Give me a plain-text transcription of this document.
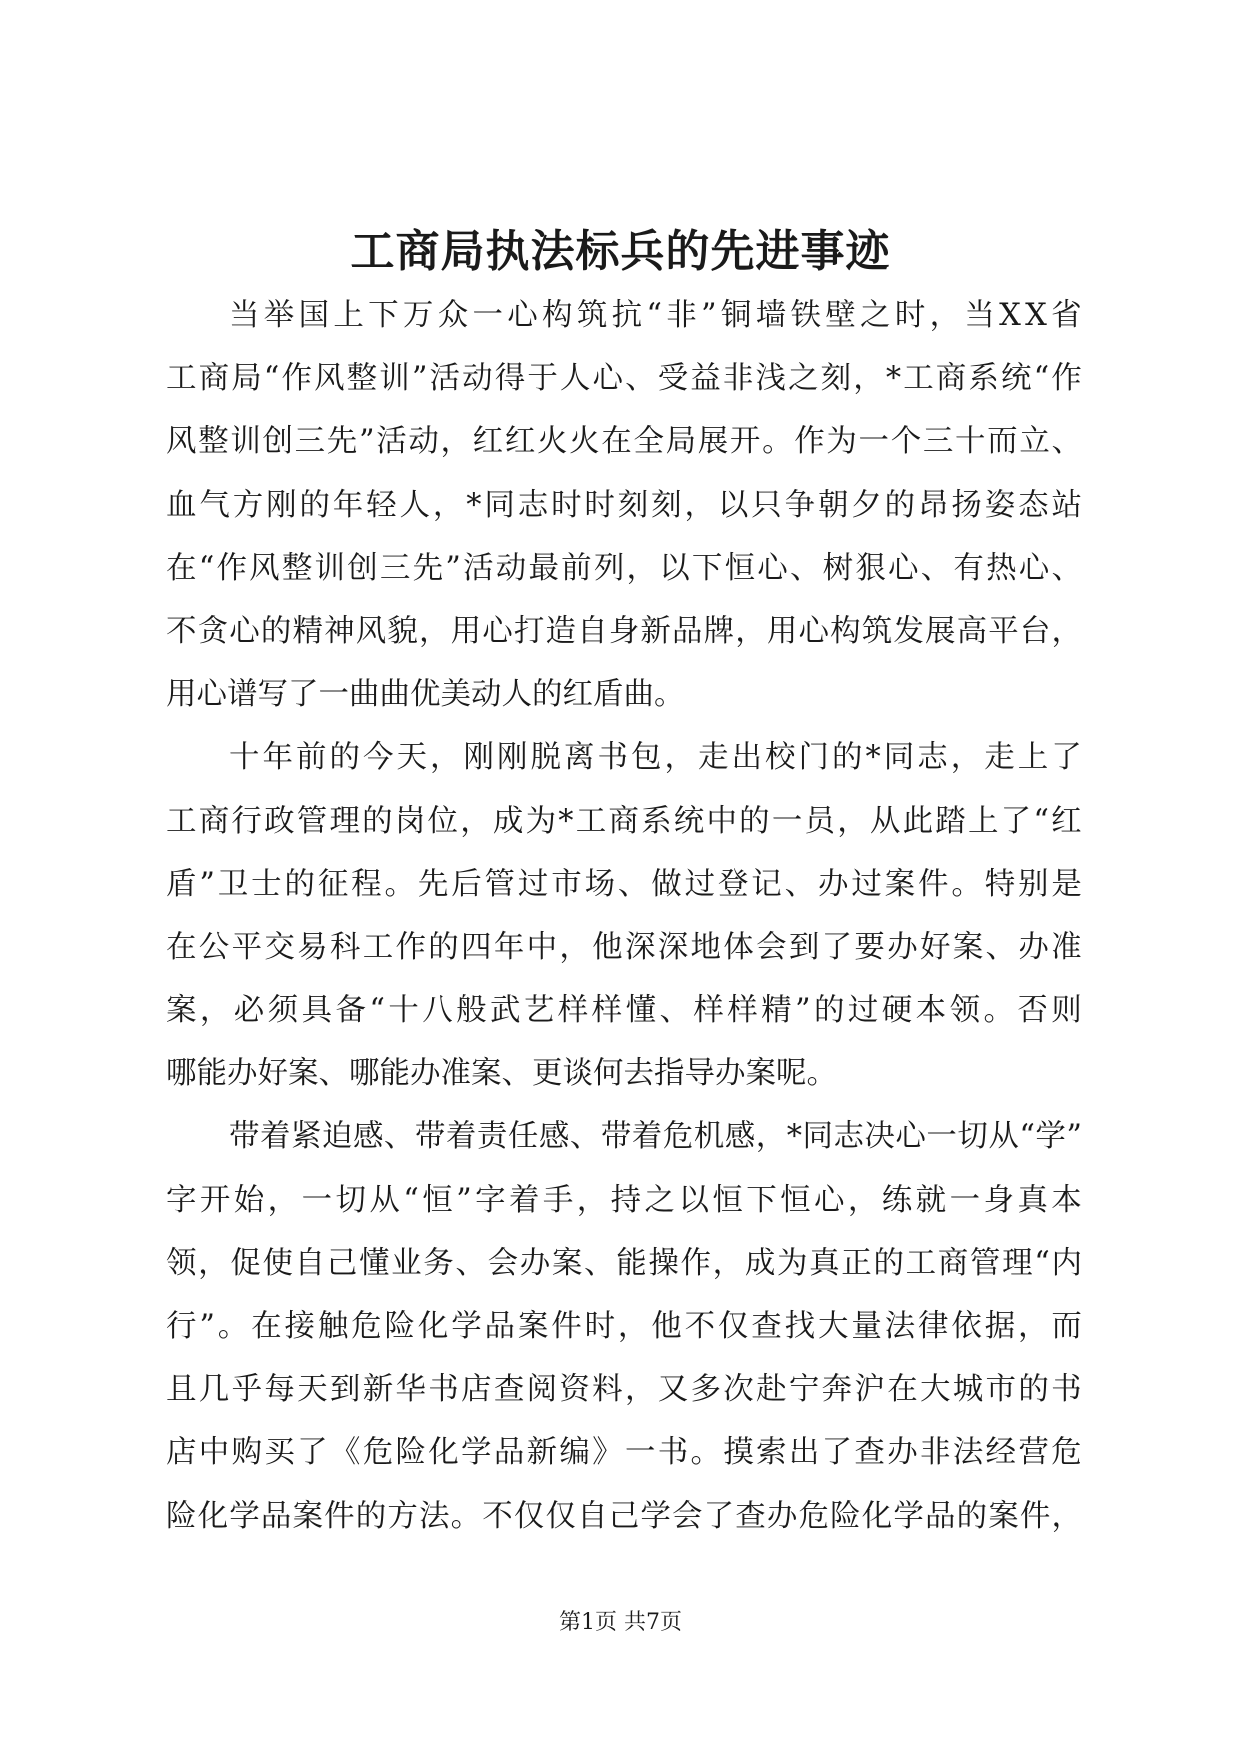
工商局执法标兵的先进事迹
当 举 国 上 下 万 众 一 心 构 筑 抗 “ 非 ” 铜 墙 铁 壁 之 时 ， 当 X X 省
工 商 局 “ 作 风 整 训 ” 活 动 得 于 人 心 、 受 益 非 浅 之 刻 ， * 工 商 系 统 “ 作
风 整 训 创 三 先 ” 活 动 ， 红 红 火 火 在 全 局 展 开 。 作 为 一 个 三 十 而 立 、
血 气 方 刚 的 年 轻 人 ， * 同 志 时 时 刻 刻 ， 以 只 争 朝 夕 的 昂 扬 姿 态 站
在 “ 作 风 整 训 创 三 先 ” 活 动 最 前 列 ， 以 下 恒 心 、 树 狠 心 、 有 热 心 、
不 贪 心 的 精 神 风 貌 ， 用 心 打 造 自 身 新 品 牌 ， 用 心 构 筑 发 展 高 平 台 ，
用 心 谱 写 了 一 曲 曲 优 美 动 人 的 红 盾 曲 。
十 年 前 的 今 天 ， 刚 刚 脱 离 书 包 ， 走 出 校 门 的 * 同 志 ， 走 上 了
工 商 行 政 管 理 的 岗 位 ， 成 为 * 工 商 系 统 中 的 一 员 ， 从 此 踏 上 了 “ 红
盾 ” 卫 士 的 征 程 。 先 后 管 过 市 场 、 做 过 登 记 、 办 过 案 件 。 特 别 是
在 公 平 交 易 科 工 作 的 四 年 中 ， 他 深 深 地 体 会 到 了 要 办 好 案 、 办 准
案 ， 必 须 具 备 “ 十 八 般 武 艺 样 样 懂 、 样 样 精 ” 的 过 硬 本 领 。 否 则
哪 能 办 好 案 、 哪 能 办 准 案 、 更 谈 何 去 指 导 办 案 呢 。
带 着 紧 迫 感 、 带 着 责 任 感 、 带 着 危 机 感 ， * 同 志 决 心 一 切 从 “ 学 ”
字 开 始 ， 一 切 从 “ 恒 ” 字 着 手 ， 持 之 以 恒 下 恒 心 ， 练 就 一 身 真 本
领 ， 促 使 自 己 懂 业 务 、 会 办 案 、 能 操 作 ， 成 为 真 正 的 工 商 管 理 “ 内
行 ” 。 在 接 触 危 险 化 学 品 案 件 时 ， 他 不 仅 查 找 大 量 法 律 依 据 ， 而
且 几 乎 每 天 到 新 华 书 店 查 阅 资 料 ， 又 多 次 赴 宁 奔 沪 在 大 城 市 的 书
店 中 购 买 了 《 危 险 化 学 品 新 编 》 一 书 。 摸 索 出 了 查 办 非 法 经 营 危
险 化 学 品 案 件 的 方 法 。 不 仅 仅 自 己 学 会 了 查 办 危 险 化 学 品 的 案 件 ，
第1页 共7页
